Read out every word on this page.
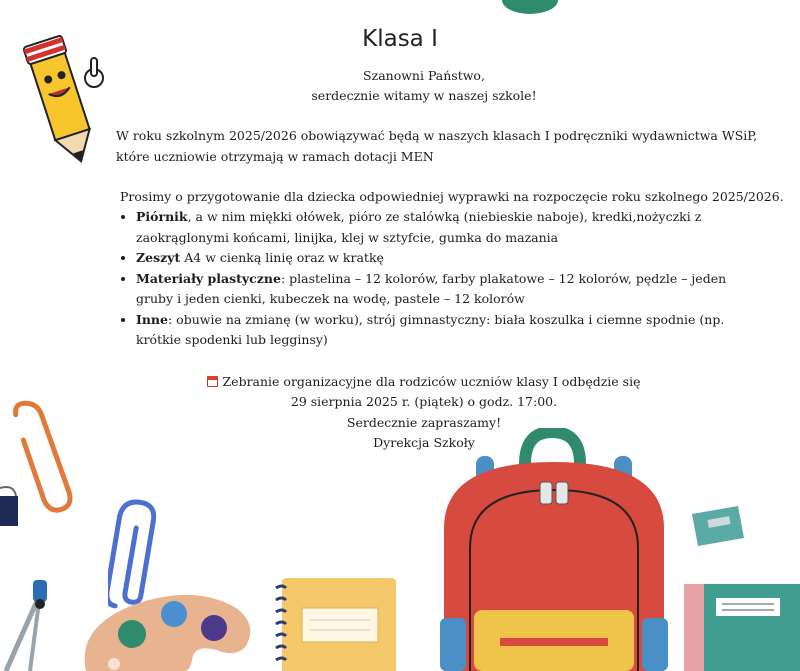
Klasa I
Szanowni Państwo,
serdecznie witamy w naszej szkole!
W roku szkolnym 2025/2026 obowiązywać będą w naszych klasach I podręczniki wydawnictwa WSiP,
które uczniowie otrzymają w ramach dotacji MEN
Prosimy o przygotowanie dla dziecka odpowiedniej wyprawki na rozpoczęcie roku szkolnego 2025/2026.
• Piórnik, a w nim miękki ołówek, pióro ze stalówką (niebieskie naboje), kredki,nożyczki z zaokrąglonymi końcami, linijka, klej w sztyfcie, gumka do mazania
• Zeszyt A4 w cienką linię oraz w kratkę
• Materiały plastyczne: plastelina – 12 kolorów, farby plakatowe – 12 kolorów, pędzle – jeden gruby i jeden cienki, kubeczek na wodę, pastele – 12 kolorów
• Inne: obuwie na zmianę (w worku), strój gimnastyczny: biała koszulka i ciemne spodnie (np. krótkie spodenki lub legginsy)
Zebranie organizacyjne dla rodziców uczniów klasy I odbędzie się
29 sierpnia 2025 r. (piątek) o godz. 17:00.
Serdecznie zapraszamy!
Dyrekcja Szkoły
